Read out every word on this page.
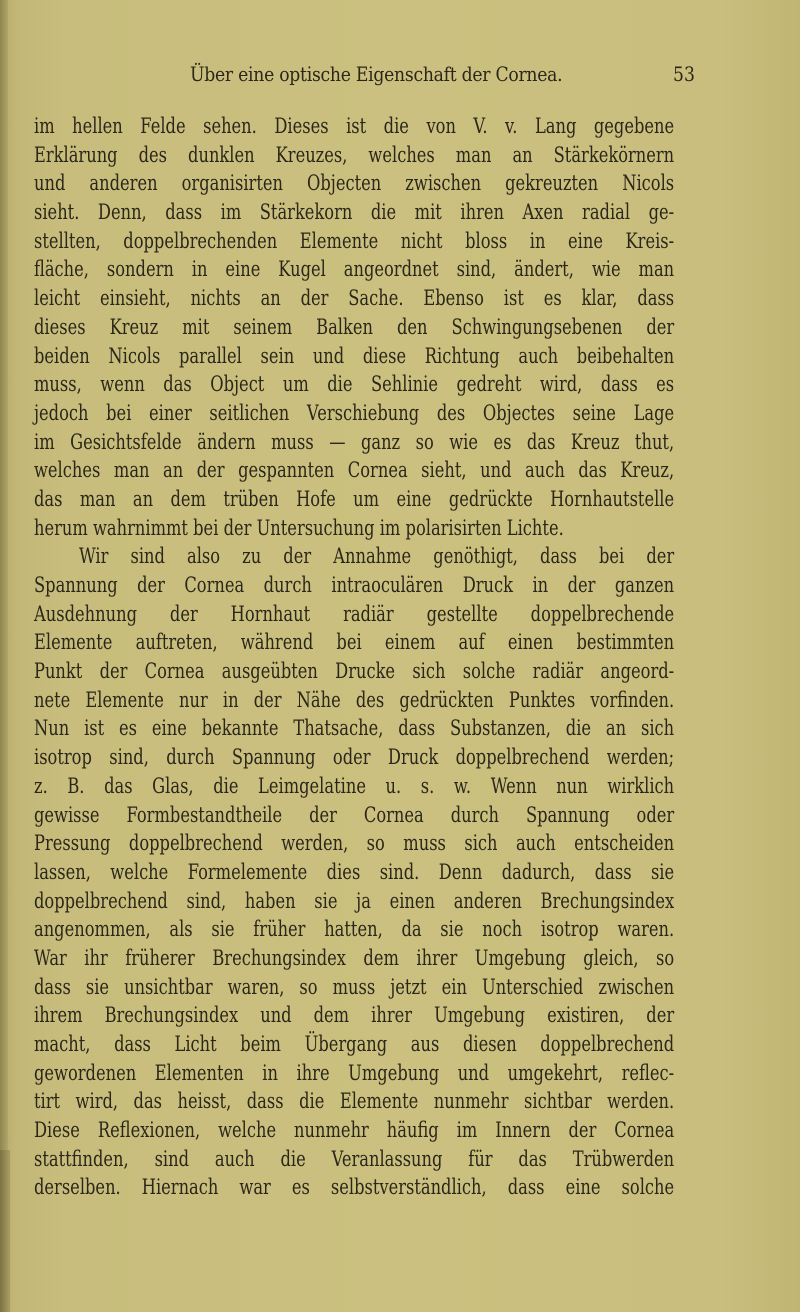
Über eine optische Eigenschaft der Cornea.	53
im hellen Felde sehen. Dieses ist die von V. v. Lang gegebene
Erklärung des dunklen Kreuzes, welches man an Stärkekörnern
und anderen organisirten Objecten zwischen gekreuzten Nicols
sieht. Denn, dass im Stärkekorn die mit ihren Axen radial ge-
stellten, doppelbrechenden Elemente nicht bloss in eine Kreis-
fläche, sondern in eine Kugel angeordnet sind, ändert, wie man
leicht einsieht, nichts an der Sache. Ebenso ist es klar, dass
dieses Kreuz mit seinem Balken den Schwingungsebenen der
beiden Nicols parallel sein und diese Richtung auch beibehalten
muss, wenn das Object um die Sehlinie gedreht wird, dass es
jedoch bei einer seitlichen Verschiebung des Objectes seine Lage
im Gesichtsfelde ändern muss — ganz so wie es das Kreuz thut,
welches man an der gespannten Cornea sieht, und auch das Kreuz,
das man an dem trüben Hofe um eine gedrückte Hornhautstelle
herum wahrnimmt bei der Untersuchung im polarisirten Lichte.
Wir sind also zu der Annahme genöthigt, dass bei der
Spannung der Cornea durch intraoculären Druck in der ganzen
Ausdehnung der Hornhaut radiär gestellte doppelbrechende
Elemente auftreten, während bei einem auf einen bestimmten
Punkt der Cornea ausgeübten Drucke sich solche radiär angeord-
nete Elemente nur in der Nähe des gedrückten Punktes vorfinden.
Nun ist es eine bekannte Thatsache, dass Substanzen, die an sich
isotrop sind, durch Spannung oder Druck doppelbrechend werden;
z. B. das Glas, die Leimgelatine u. s. w. Wenn nun wirklich
gewisse Formbestandtheile der Cornea durch Spannung oder
Pressung doppelbrechend werden, so muss sich auch entscheiden
lassen, welche Formelemente dies sind. Denn dadurch, dass sie
doppelbrechend sind, haben sie ja einen anderen Brechungsindex
angenommen, als sie früher hatten, da sie noch isotrop waren.
War ihr früherer Brechungsindex dem ihrer Umgebung gleich, so
dass sie unsichtbar waren, so muss jetzt ein Unterschied zwischen
ihrem Brechungsindex und dem ihrer Umgebung existiren, der
macht, dass Licht beim Übergang aus diesen doppelbrechend
gewordenen Elementen in ihre Umgebung und umgekehrt, reflec-
tirt wird, das heisst, dass die Elemente nunmehr sichtbar werden.
Diese Reflexionen, welche nunmehr häufig im Innern der Cornea
stattfinden, sind auch die Veranlassung für das Trübwerden
derselben. Hiernach war es selbstverständlich, dass eine solche
